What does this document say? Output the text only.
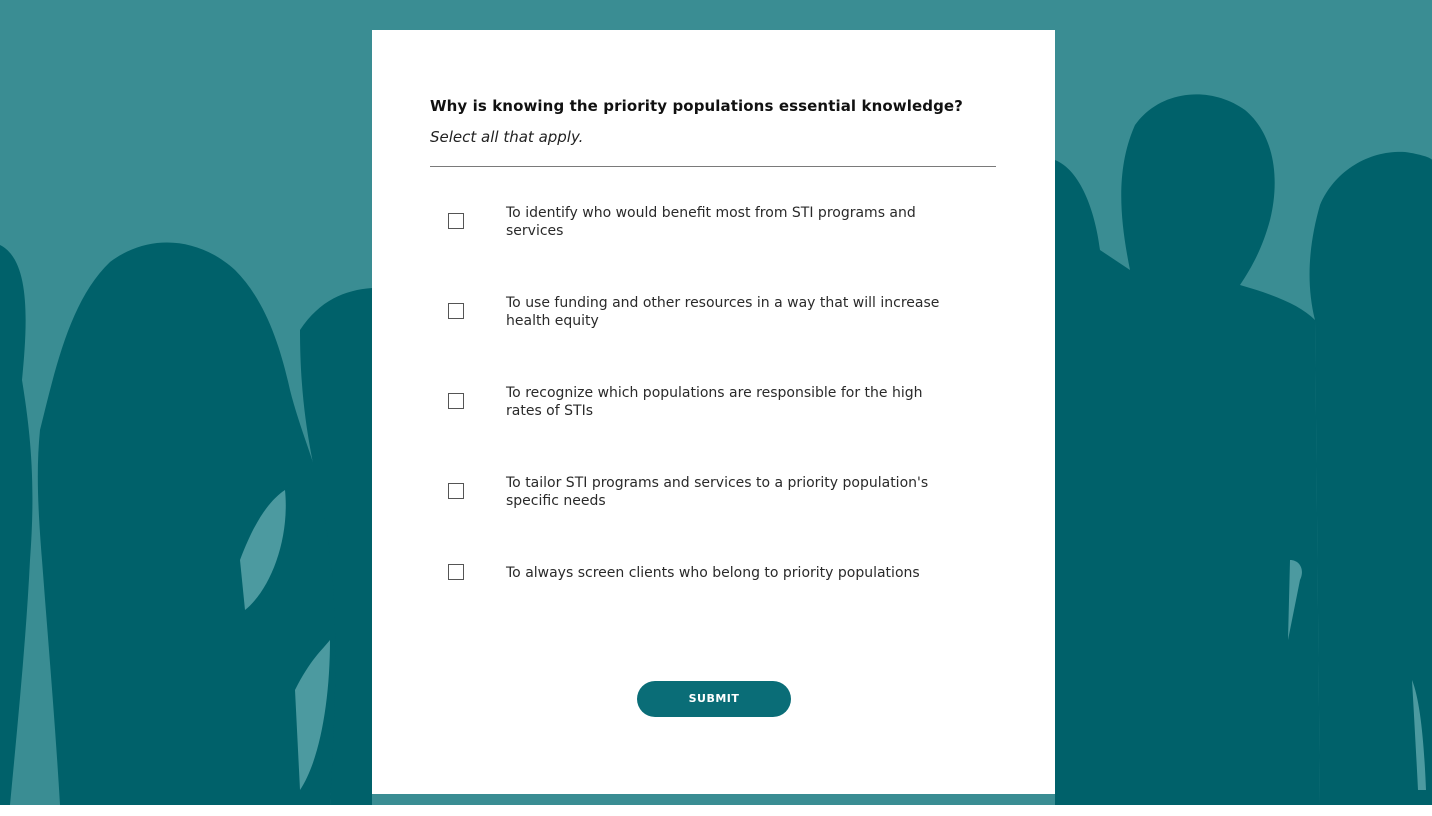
Why is knowing the priority populations essential knowledge?
Select all that apply.
To identify who would benefit most from STI programs and services
To use funding and other resources in a way that will increase health equity
To recognize which populations are responsible for the high rates of STIs
To tailor STI programs and services to a priority population's specific needs
To always screen clients who belong to priority populations
SUBMIT
